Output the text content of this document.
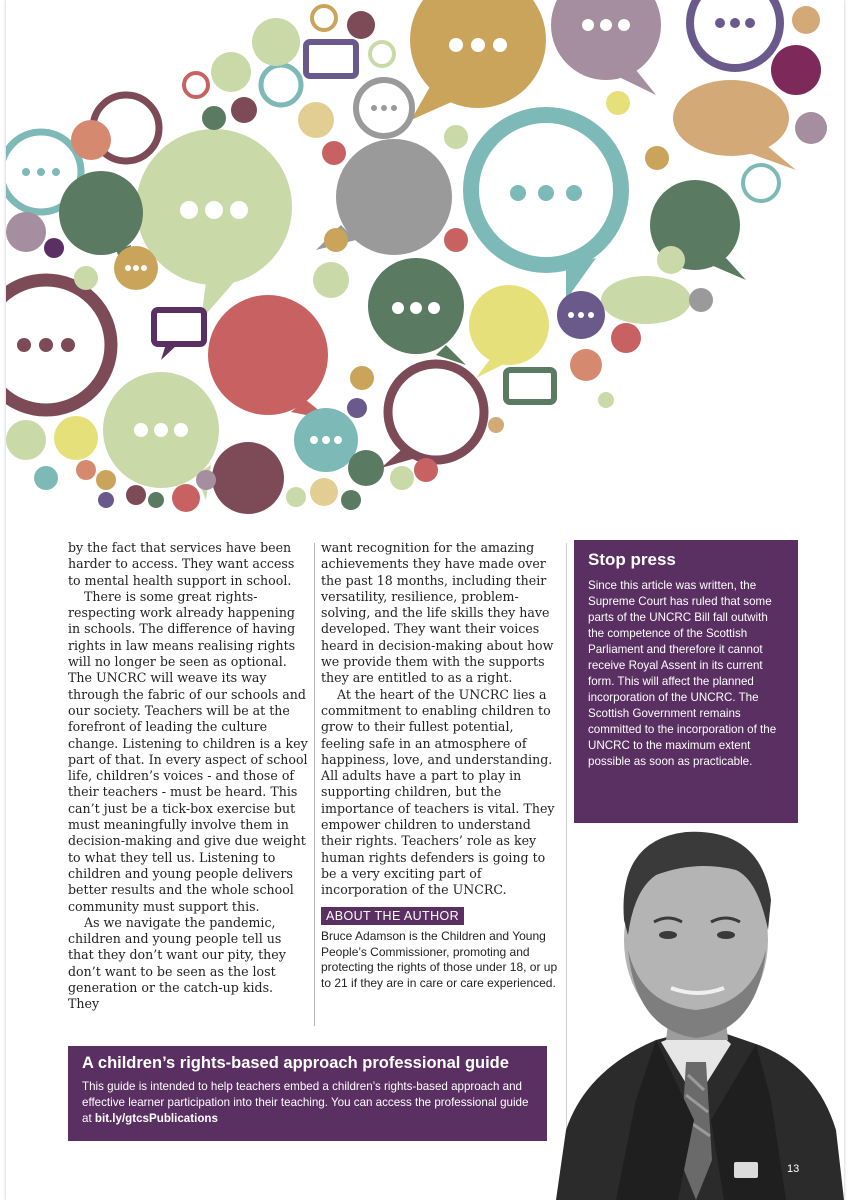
by the fact that services have been harder to access. They want access to mental health support in school.

There is some great rights-respecting work already happening in schools. The difference of having rights in law means realising rights will no longer be seen as optional. The UNCRC will weave its way through the fabric of our schools and our society. Teachers will be at the forefront of leading the culture change. Listening to children is a key part of that. In every aspect of school life, children’s voices - and those of their teachers - must be heard. This can’t just be a tick-box exercise but must meaningfully involve them in decision-making and give due weight to what they tell us. Listening to children and young people delivers better results and the whole school community must support this.

As we navigate the pandemic, children and young people tell us that they don’t want our pity, they don’t want to be seen as the lost generation or the catch-up kids. They

want recognition for the amazing achievements they have made over the past 18 months, including their versatility, resilience, problem-solving, and the life skills they have developed. They want their voices heard in decision-making about how we provide them with the supports they are entitled to as a right.

At the heart of the UNCRC lies a commitment to enabling children to grow to their fullest potential, feeling safe in an atmosphere of happiness, love, and understanding. All adults have a part to play in supporting children, but the importance of teachers is vital. They empower children to understand their rights. Teachers’ role as key human rights defenders is going to be a very exciting part of incorporation of the UNCRC.

ABOUT THE AUTHOR
Bruce Adamson is the Children and Young People’s Commissioner, promoting and protecting the rights of those under 18, or up to 21 if they are in care or care experienced.
Stop press

Since this article was written, the Supreme Court has ruled that some parts of the UNCRC Bill fall outwith the competence of the Scottish Parliament and therefore it cannot receive Royal Assent in its current form. This will affect the planned incorporation of the UNCRC. The Scottish Government remains committed to the incorporation of the UNCRC to the maximum extent possible as soon as practicable.

A children’s rights-based approach professional guide

This guide is intended to help teachers embed a children’s rights-based approach and effective learner participation into their teaching. You can access the professional guide at bit.ly/gtcsPublications

13
